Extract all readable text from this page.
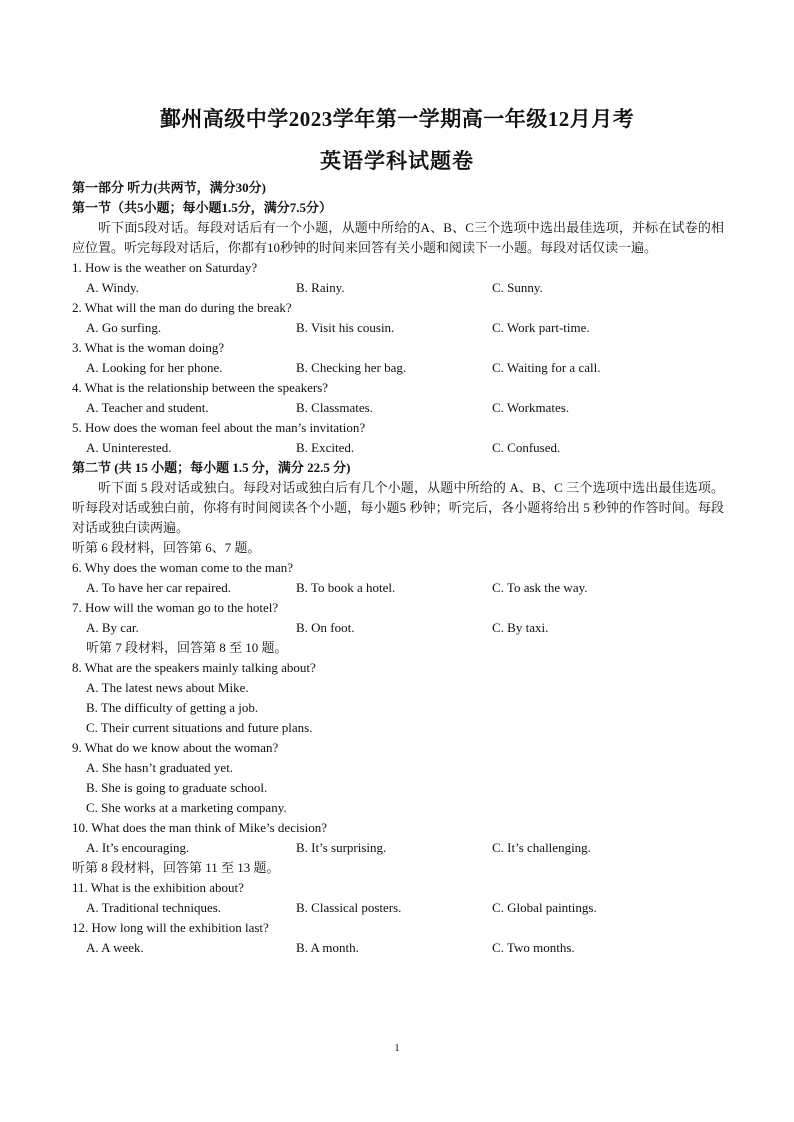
鄞州高级中学2023学年第一学期高一年级12月月考
英语学科试题卷
第一部分 听力(共两节，满分30分)
第一节（共5小题；每小题1.5分，满分7.5分）
听下面5段对话。每段对话后有一个小题，从题中所给的A、B、C三个选项中选出最佳选项，并标在试卷的相应位置。听完每段对话后，你都有10秒钟的时间来回答有关小题和阅读下一小题。每段对话仅读一遍。
1. How is the weather on Saturday?
A. Windy.	B. Rainy.	C. Sunny.
2. What will the man do during the break?
A. Go surfing.	B. Visit his cousin.	C. Work part-time.
3. What is the woman doing?
A. Looking for her phone.	B. Checking her bag.	C. Waiting for a call.
4. What is the relationship between the speakers?
A. Teacher and student.	B. Classmates.	C. Workmates.
5. How does the woman feel about the man’s invitation?
A. Uninterested.	B. Excited.	C. Confused.
第二节 (共 15 小题；每小题 1.5 分，满分 22.5 分)
听下面 5 段对话或独白。每段对话或独白后有几个小题，从题中所给的 A、B、C 三个选项中选出最佳选项。听每段对话或独白前，你将有时间阅读各个小题，每小题5 秒钟；听完后，各小题将给出 5 秒钟的作答时间。每段对话或独白读两遍。
听第 6 段材料，回答第 6、7 题。
6. Why does the woman come to the man?
A. To have her car repaired.	B. To book a hotel.	C. To ask the way.
7. How will the woman go to the hotel?
A. By car.	B. On foot.	C. By taxi.
听第 7 段材料，回答第 8 至 10 题。
8. What are the speakers mainly talking about?
A. The latest news about Mike.
B. The difficulty of getting a job.
C. Their current situations and future plans.
9. What do we know about the woman?
A. She hasn’t graduated yet.
B. She is going to graduate school.
C. She works at a marketing company.
10. What does the man think of Mike’s decision?
A. It’s encouraging.	B. It’s surprising.	C. It’s challenging.
听第 8 段材料，回答第 11 至 13 题。
11. What is the exhibition about?
A. Traditional techniques.	B. Classical posters.	C. Global paintings.
12. How long will the exhibition last?
A. A week.	B. A month.	C. Two months.
1
